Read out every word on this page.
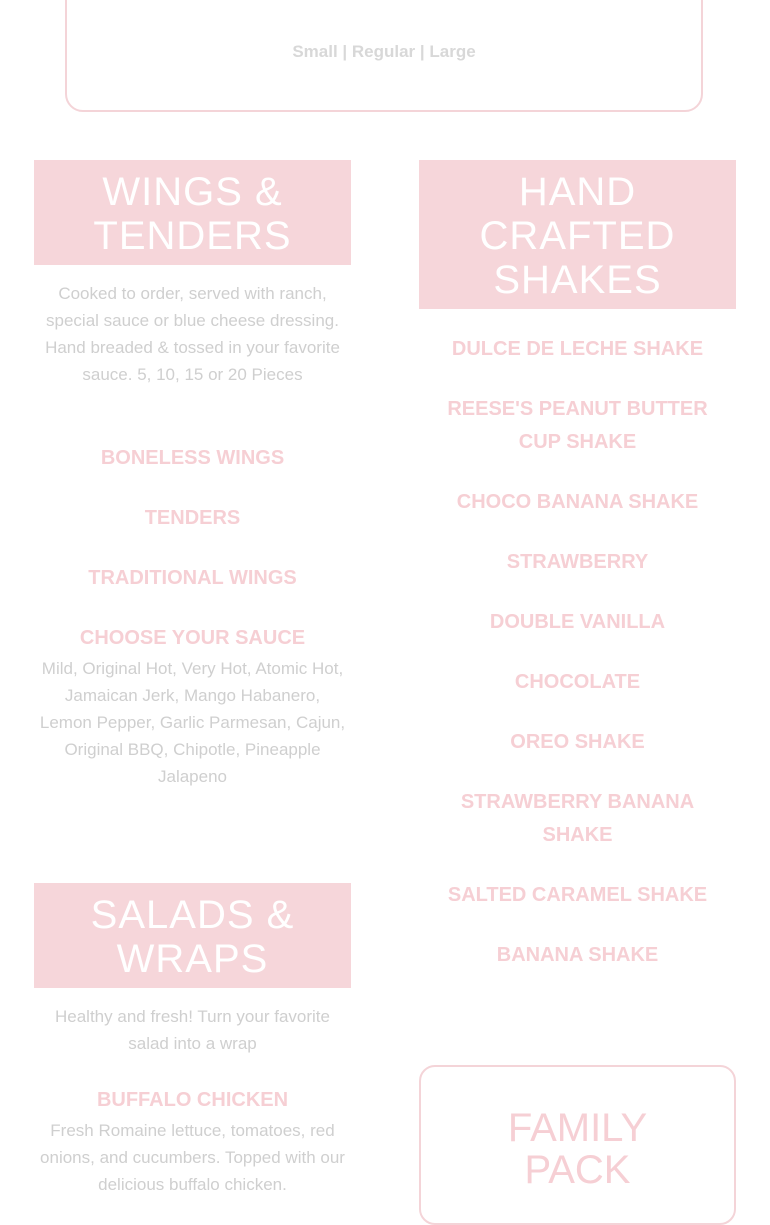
Small | Regular | Large
WINGS &
TENDERS
Cooked to order, served with ranch, special sauce or blue cheese dressing. Hand breaded & tossed in your favorite sauce. 5, 10, 15 or 20 Pieces
BONELESS WINGS
TENDERS
TRADITIONAL WINGS
CHOOSE YOUR SAUCE
Mild, Original Hot, Very Hot, Atomic Hot, Jamaican Jerk, Mango Habanero, Lemon Pepper, Garlic Parmesan, Cajun, Original BBQ, Chipotle, Pineapple Jalapeno
HAND
CRAFTED
SHAKES
DULCE DE LECHE SHAKE
REESE'S PEANUT BUTTER CUP SHAKE
CHOCO BANANA SHAKE
STRAWBERRY
DOUBLE VANILLA
CHOCOLATE
OREO SHAKE
STRAWBERRY BANANA SHAKE
SALTED CARAMEL SHAKE
BANANA SHAKE
SALADS &
WRAPS
Healthy and fresh! Turn your favorite salad into a wrap
BUFFALO CHICKEN
Fresh Romaine lettuce, tomatoes, red onions, and cucumbers. Topped with our delicious buffalo chicken.
FAMILY
PACK
